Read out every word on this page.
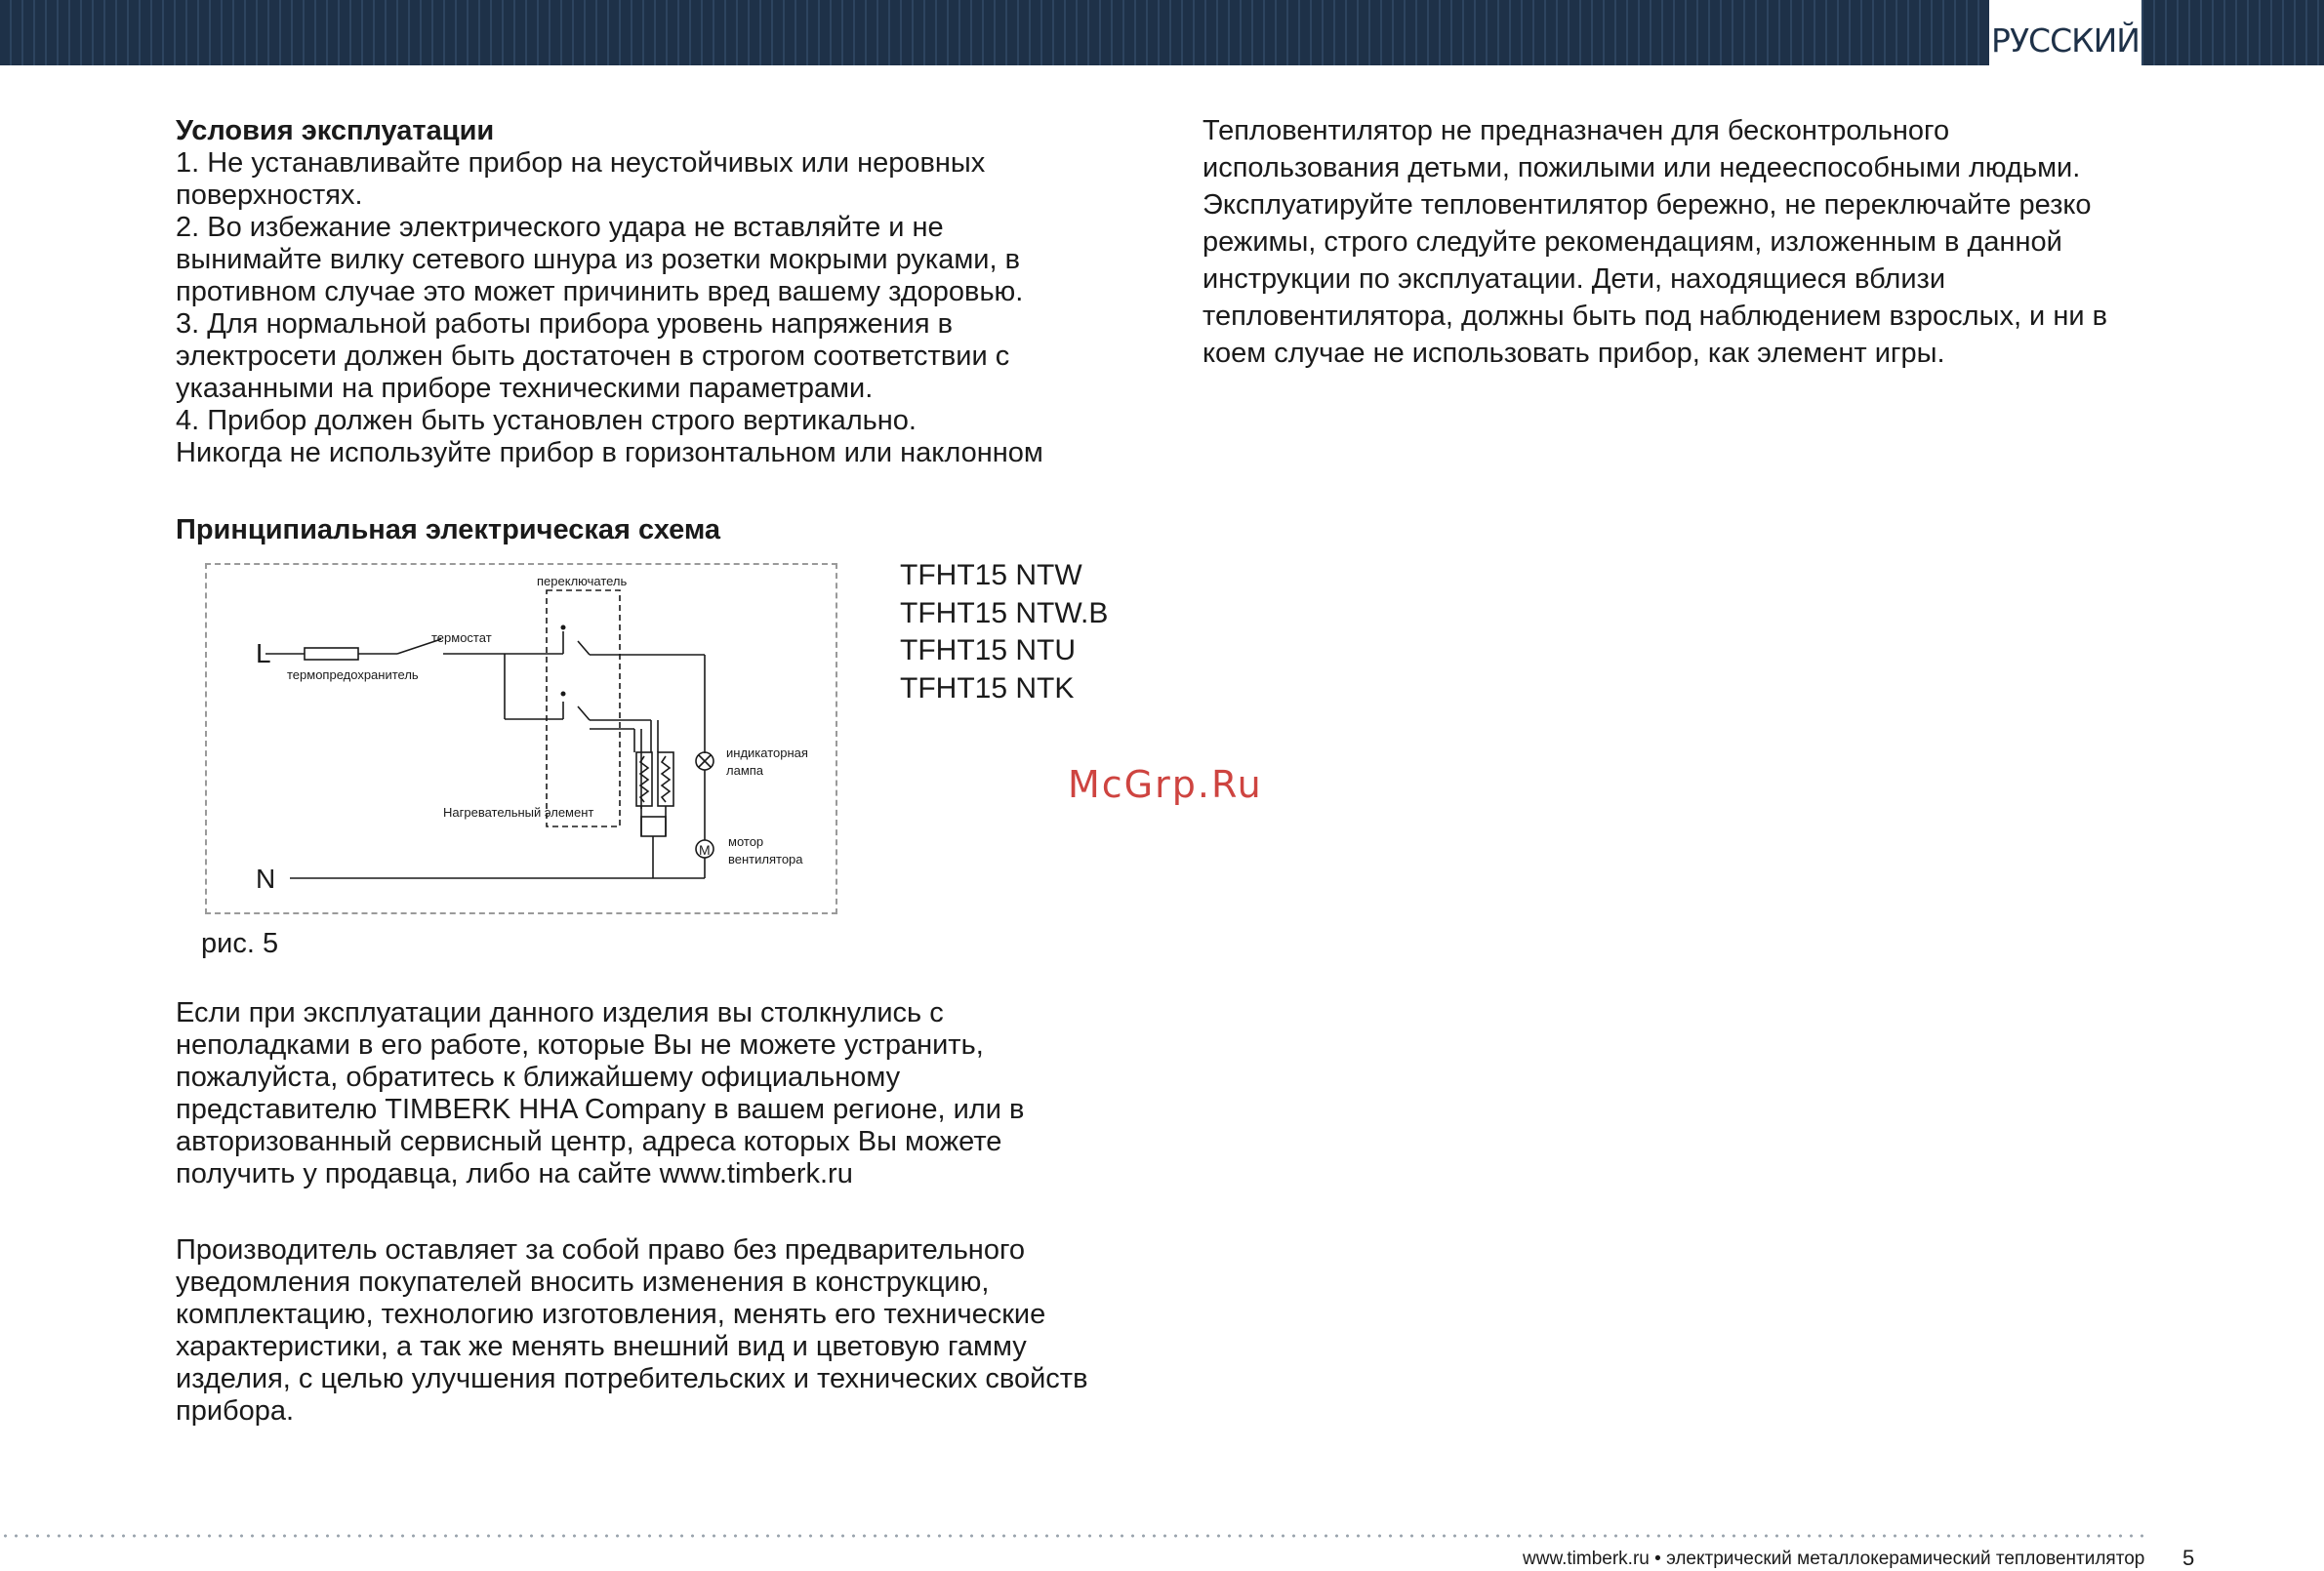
РУССКИЙ

Условия эксплуатации

1. Не устанавливайте прибор на неустойчивых или неровных

поверхностях.

2. Во избежание электрического удара не вставляйте и не

вынимайте вилку сетевого шнура из розетки мокрыми руками, в

противном случае это может причинить вред вашему здоровью.

3. Для нормальной работы прибора уровень напряжения в

электросети должен быть достаточен в строгом соответствии с

указанными на приборе техническими параметрами.

4. Прибор должен быть установлен строго вертикально.

Никогда не используйте прибор в горизонтальном или наклонном

Тепловентилятор не предназначен для бесконтрольного

использования детьми, пожилыми или недееспособными людьми.

Эксплуатируйте тепловентилятор бережно, не переключайте резко

режимы, строго следуйте рекомендациям, изложенным в данной

инструкции по эксплуатации. Дети, находящиеся вблизи

тепловентилятора, должны быть под наблюдением взрослых, и ни в

коем случае не использовать прибор, как элемент игры.

Принципиальная электрическая схема
L
N
переключатель
термостат
термопредохранитель
индикаторная
лампа
Нагревательный элемент
мотор
вентилятора
M

TFHT15 NTW

TFHT15 NTW.B

TFHT15 NTU

TFHT15 NTK

рис. 5
McGrp.Ru

Если при эксплуатации данного изделия вы столкнулись с

неполадками в его работе, которые Вы не можете устранить,

пожалуйста, обратитесь к ближайшему официальному

представителю TIMBERK HHA Company в вашем регионе, или в

авторизованный сервисный центр, адреса которых Вы можете

получить у продавца, либо на сайте www.timberk.ru

Производитель оставляет за собой право без предварительного

уведомления покупателей вносить изменения в конструкцию,

комплектацию, технологию изготовления, менять его технические

характеристики, а так же менять внешний вид и цветовую гамму

изделия, с целью улучшения потребительских и технических свойств

прибора.

www.timberk.ru • электрический металлокерамический тепловентилятор 5
